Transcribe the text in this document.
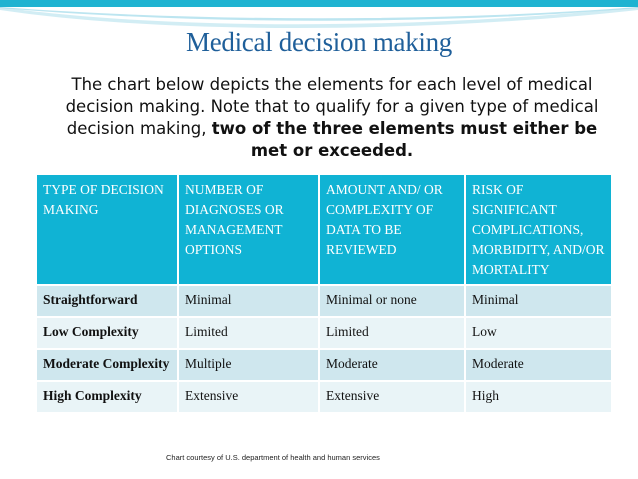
Medical decision making
The chart below depicts the elements for each level of medical decision making. Note that to qualify for a given type of medical decision making, two of the three elements must either be met or exceeded.
TYPE OF DECISION MAKING	NUMBER OF DIAGNOSES OR MANAGEMENT OPTIONS	AMOUNT AND/ OR COMPLEXITY OF DATA TO BE REVIEWED	RISK OF SIGNIFICANT COMPLICATIONS, MORBIDITY, AND/OR MORTALITY
Straightforward	Minimal	Minimal or none	Minimal
Low Complexity	Limited	Limited	Low
Moderate Complexity	Multiple	Moderate	Moderate
High Complexity	Extensive	Extensive	High
Chart courtesy of U.S. department of health and human services
